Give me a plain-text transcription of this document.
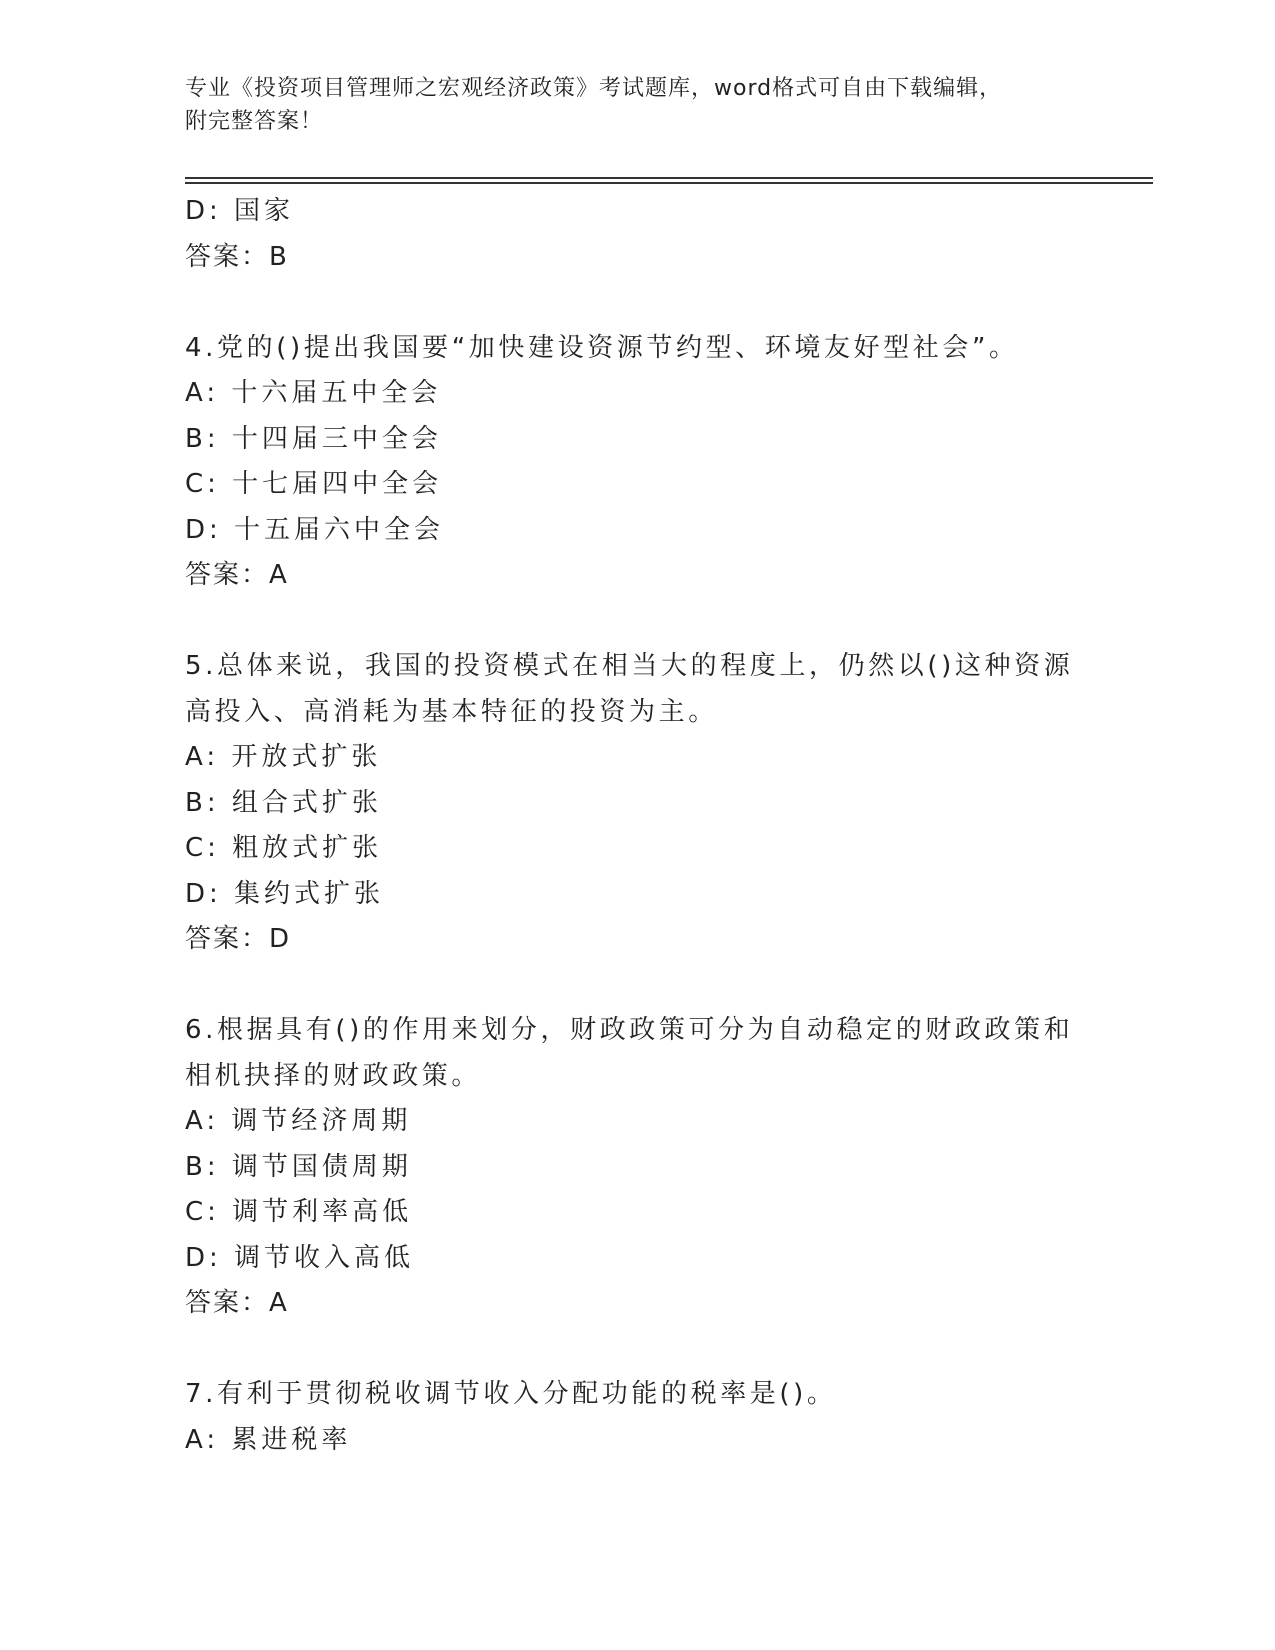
专业《投资项目管理师之宏观经济政策》考试题库，word格式可自由下载编辑，
附完整答案！
D: 国家
答案：B
4.党的()提出我国要“加快建设资源节约型、环境友好型社会”。
A: 十六届五中全会
B: 十四届三中全会
C: 十七届四中全会
D: 十五届六中全会
答案：A
5.总体来说，我国的投资模式在相当大的程度上，仍然以()这种资源
高投入、高消耗为基本特征的投资为主。
A: 开放式扩张
B: 组合式扩张
C: 粗放式扩张
D: 集约式扩张
答案：D
6.根据具有()的作用来划分，财政政策可分为自动稳定的财政政策和
相机抉择的财政政策。
A: 调节经济周期
B: 调节国债周期
C: 调节利率高低
D: 调节收入高低
答案：A
7.有利于贯彻税收调节收入分配功能的税率是()。
A: 累进税率
